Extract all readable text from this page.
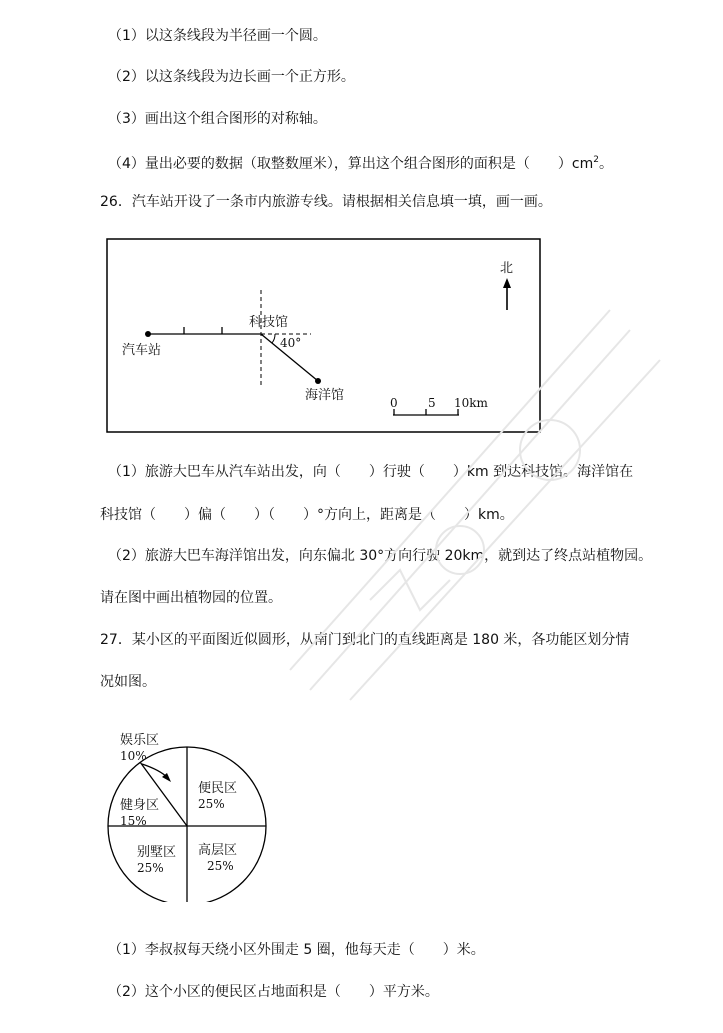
（1）以这条线段为半径画一个圆。
（2）以这条线段为边长画一个正方形。
（3）画出这个组合图形的对称轴。
（4）量出必要的数据（取整数厘米），算出这个组合图形的面积是（　　）$cm^2$。
26．汽车站开设了一条市内旅游专线。请根据相关信息填一填，画一画。
科技馆
汽车站	40°
海洋馆
北
0	5 10km
（1）旅游大巴车从汽车站出发，向（　　）行驶（　　）km 到达科技馆。海洋馆在
科技馆（　　）偏（　　）（　　）°方向上，距离是（　　）km。
（2）旅游大巴车海洋馆出发，向东偏北 30°方向行驶 20km，就到达了终点站植物园。
请在图中画出植物园的位置。
27．某小区的平面图近似圆形，从南门到北门的直线距离是 180 米，各功能区划分情
况如图。
娱乐区
10%
便民区
25%
健身区
15%
别墅区
25%
高层区
25%
（1）李叔叔每天绕小区外围走 5 圈，他每天走（　　）米。
（2）这个小区的便民区占地面积是（　　）平方米。
